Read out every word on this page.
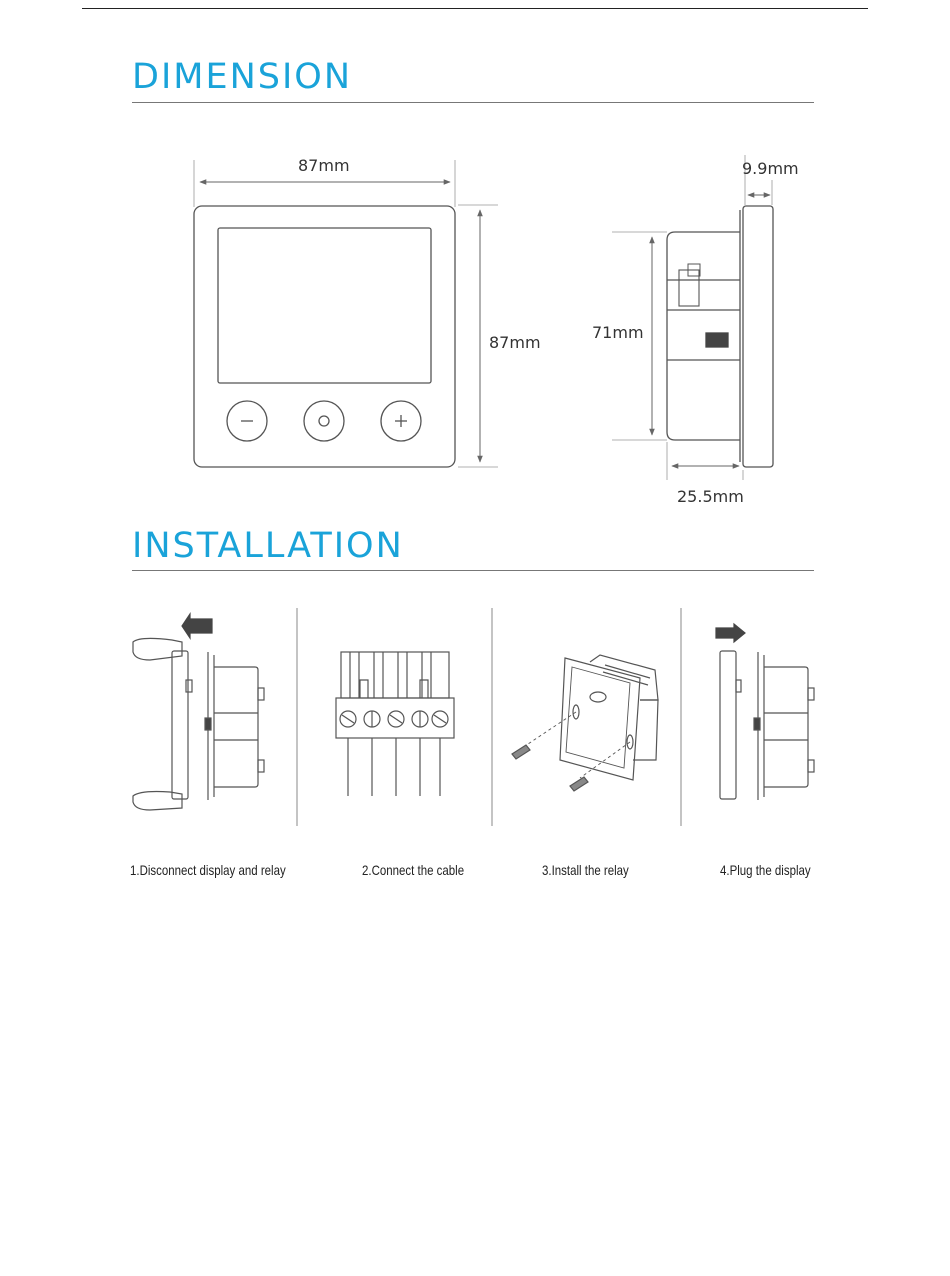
DIMENSION
87mm
87mm
9.9mm
71mm
25.5mm
INSTALLATION
1.Disconnect display and relay	2.Connect the cable	3.Install the relay	4.Plug the display
